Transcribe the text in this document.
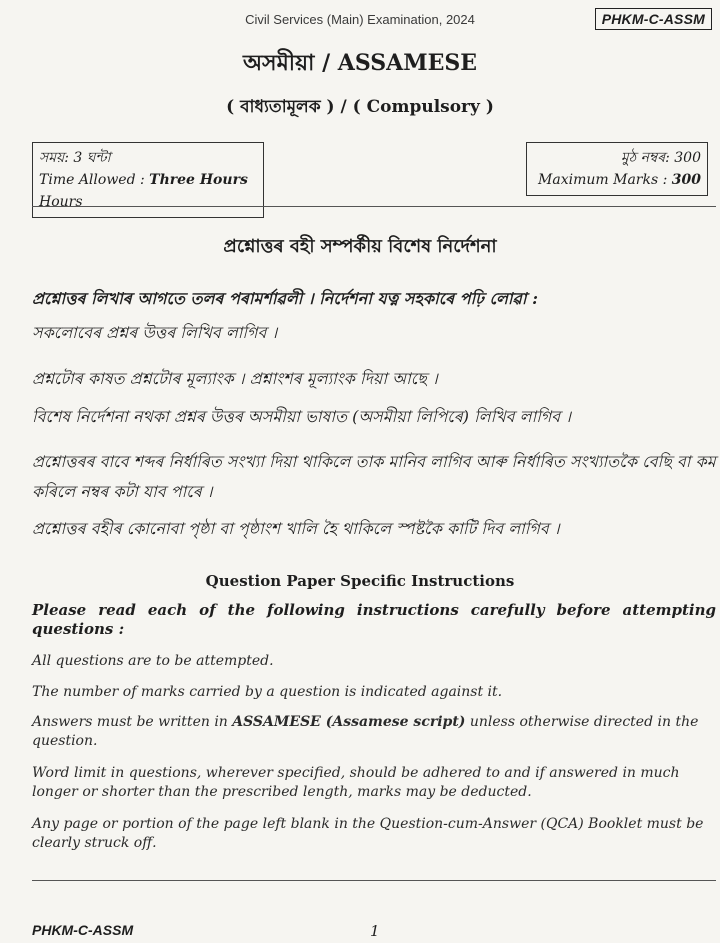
Civil Services (Main) Examination, 2024	PHKM-C-ASSM
অসমীয়া / ASSAMESE
( বাধ্যতামূলক ) / ( Compulsory )
সময়: 3 ঘন্টা
Time Allowed : Three Hours Hours
মুঠ নম্বৰ: 300
Maximum Marks : 300
প্ৰশ্নোত্তৰ বহী সম্পৰ্কীয় বিশেষ নিৰ্দেশনা
প্ৰশ্নোত্তৰ লিখাৰ আগতে তলৰ পৰামৰ্শাৱলী । নিৰ্দেশনা যত্ন সহকাৰে পঢ়ি লোৱা :
সকলোবেৰ প্ৰশ্নৰ উত্তৰ লিখিব লাগিব ।
প্ৰশ্নটোৰ কাষত প্ৰশ্নটোৰ মূল্যাংক । প্ৰশ্নাংশৰ মূল্যাংক দিয়া আছে ।
বিশেষ নিৰ্দেশনা নথকা প্ৰশ্নৰ উত্তৰ অসমীয়া ভাষাত (অসমীয়া লিপিৰে) লিখিব লাগিব ।
প্ৰশ্নোত্তৰৰ বাবে শব্দৰ নিৰ্ধাৰিত সংখ্যা দিয়া থাকিলে তাক মানিব লাগিব আৰু নিৰ্ধাৰিত সংখ্যাতকৈ বেছি বা কম কৰিলে নম্বৰ কটা যাব পাৰে ।
প্ৰশ্নোত্তৰ বহীৰ কোনোবা পৃষ্ঠা বা পৃষ্ঠাংশ খালি হৈ থাকিলে স্পষ্টকৈ কাটি দিব লাগিব ।
Question Paper Specific Instructions
Please read each of the following instructions carefully before attempting questions :
All questions are to be attempted.
The number of marks carried by a question is indicated against it.
Answers must be written in ASSAMESE (Assamese script) unless otherwise directed in the question.
Word limit in questions, wherever specified, should be adhered to and if answered in much longer or shorter than the prescribed length, marks may be deducted.
Any page or portion of the page left blank in the Question-cum-Answer (QCA) Booklet must be clearly struck off.
PHKM-C-ASSM	1
